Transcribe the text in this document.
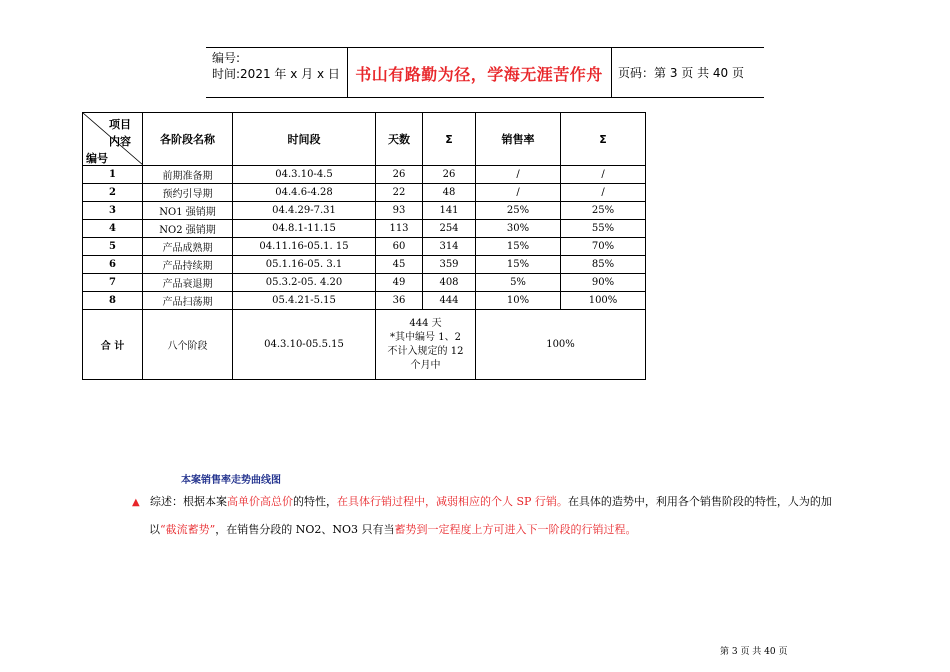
编号:
时间:2021 年 x 月 x 日 书山有路勤为径，学海无涯苦作舟	页码：第 3 页 共 40 页
项目
内容
编号	各阶段名称	时间段	天数	Σ	销售率	Σ
1	前期准备期	04.3.10-4.5	26	26	/	/
2	预约引导期	04.4.6-4.28	22	48	/	/
3	NO1 强销期	04.4.29-7.31	93	141	25%	25%
4	NO2 强销期	04.8.1-11.15	113	254	30%	55%
5	产品成熟期	04.11.16-05.1. 15	60	314	15%	70%
6	产品持续期	05.1.16-05. 3.1	45	359	15%	85%
7	产品衰退期	05.3.2-05. 4.20	49	408	5%	90%
8	产品扫荡期	05.4.21-5.15	36	444	10%	100%
合 计	八个阶段	04.3.10-05.5.15	444 天
*其中编号 1、2
不计入规定的 12
个月中		100%	
本案销售率走势曲线图
▲ 综述：根据本案高单价高总价的特性，在具体行销过程中，减弱相应的个人 SP 行销。在具体的造势中，利用各个销售阶段的特性，人为的加
以“截流蓄势”，在销售分段的 NO2、NO3 只有当蓄势到一定程度上方可进入下一阶段的行销过程。
第 3 页 共 40 页
